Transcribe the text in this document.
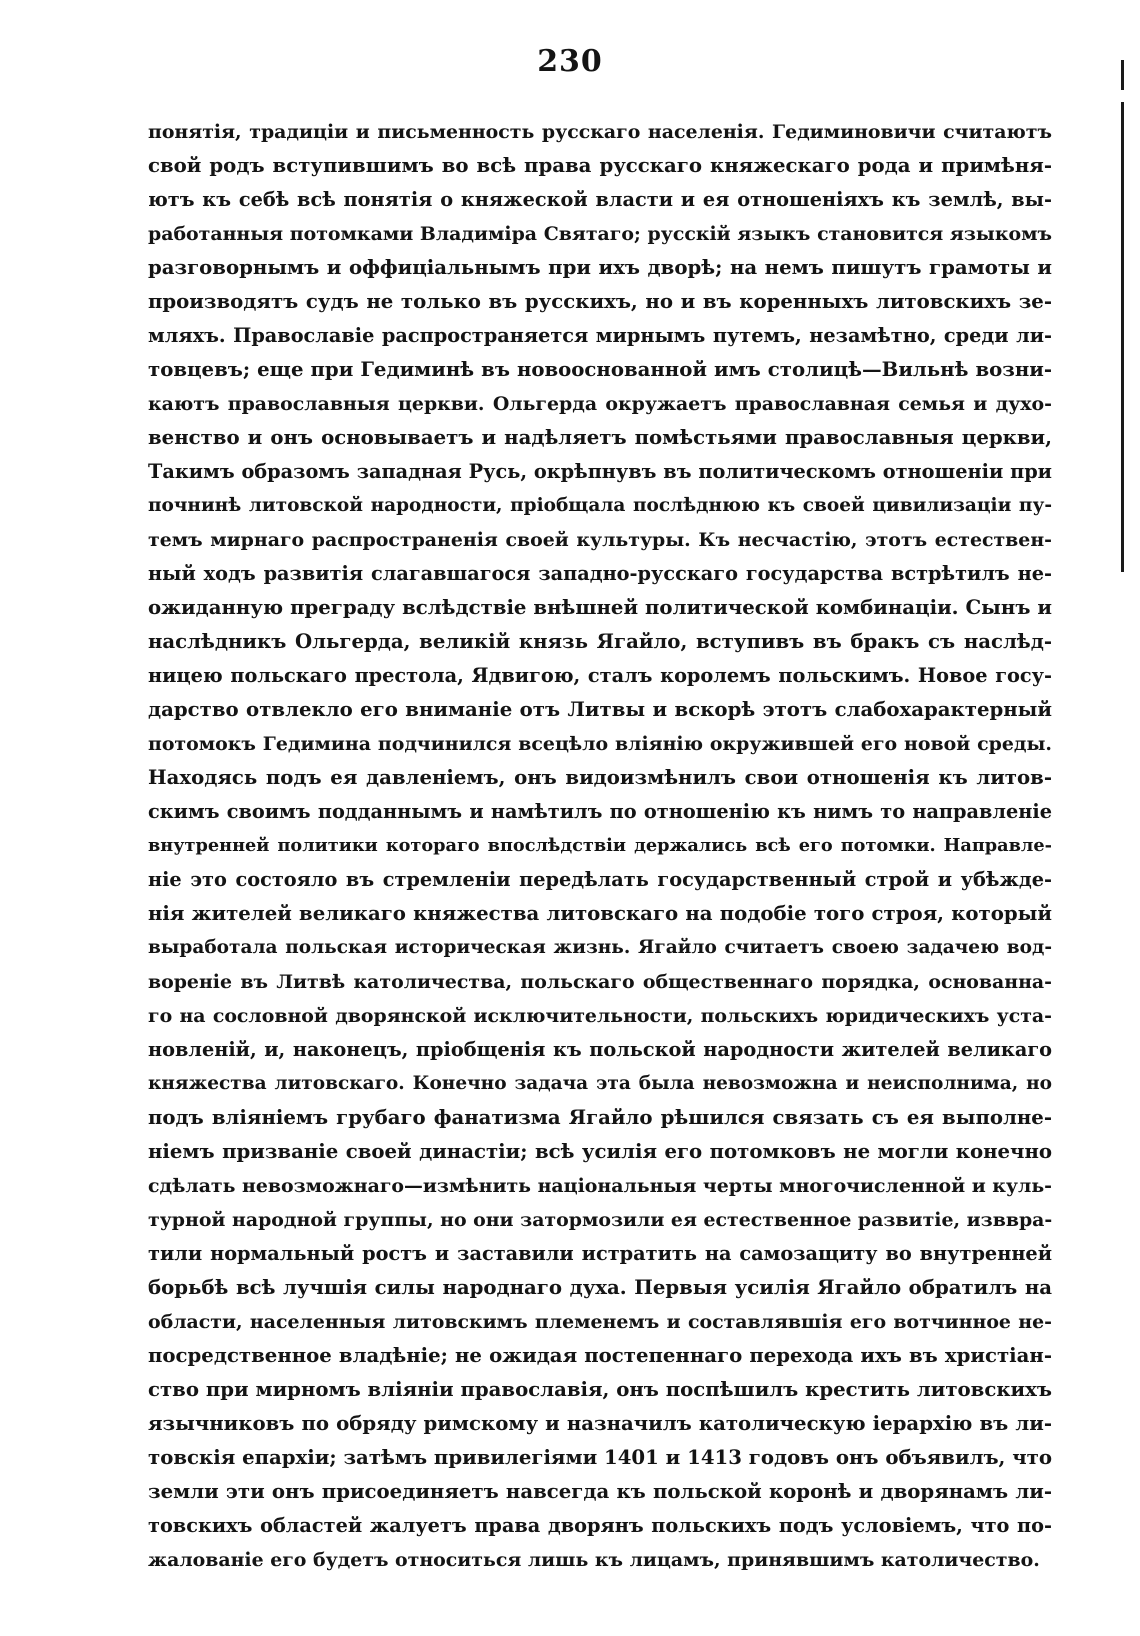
230
понятія, традиціи и письменность русскаго населенія. Гедиминовичи считаютъ
свой родъ вступившимъ во всѣ права русскаго княжескаго рода и примѣня-
ютъ къ себѣ всѣ понятія о княжеской власти и ея отношеніяхъ къ землѣ, вы-
работанныя потомками Владиміра Святаго; русскій языкъ становится языкомъ
разговорнымъ и оффиціальнымъ при ихъ дворѣ; на немъ пишутъ грамоты и
производятъ судъ не только въ русскихъ, но и въ коренныхъ литовскихъ зе-
мляхъ. Православіе распространяется мирнымъ путемъ, незамѣтно, среди ли-
товцевъ; еще при Гедиминѣ въ новооснованной имъ столицѣ—Вильнѣ возни-
каютъ православныя церкви. Ольгерда окружаетъ православная семья и духо-
венство и онъ основываетъ и надѣляетъ помѣстьями православныя церкви,
Такимъ образомъ западная Русь, окрѣпнувъ въ политическомъ отношеніи при
почнинѣ литовской народности, пріобщала послѣднюю къ своей цивилизаціи пу-
темъ мирнаго распространенія своей культуры. Къ несчастію, этотъ естествен-
ный ходъ развитія слагавшагося западно-русскаго государства встрѣтилъ не-
ожиданную преграду вслѣдствіе внѣшней политической комбинаціи. Сынъ и
наслѣдникъ Ольгерда, великій князь Ягайло, вступивъ въ бракъ съ наслѣд-
ницею польскаго престола, Ядвигою, сталъ королемъ польскимъ. Новое госу-
дарство отвлекло его вниманіе отъ Литвы и вскорѣ этотъ слабохарактерный
потомокъ Гедимина подчинился всецѣло вліянію окружившей его новой среды.
Находясь подъ ея давленіемъ, онъ видоизмѣнилъ свои отношенія къ литов-
скимъ своимъ подданнымъ и намѣтилъ по отношенію къ нимъ то направленіе
внутренней политики котораго впослѣдствіи держались всѣ его потомки. Направле-
ніе это состояло въ стремленіи передѣлать государственный строй и убѣжде-
нія жителей великаго княжества литовскаго на подобіе того строя, который
выработала польская историческая жизнь. Ягайло считаетъ своею задачею вод-
вореніе въ Литвѣ католичества, польскаго общественнаго порядка, основанна-
го на сословной дворянской исключительности, польскихъ юридическихъ уста-
новленій, и, наконецъ, пріобщенія къ польской народности жителей великаго
княжества литовскаго. Конечно задача эта была невозможна и неисполнима, но
подъ вліяніемъ грубаго фанатизма Ягайло рѣшился связать съ ея выполне-
ніемъ призваніе своей династіи; всѣ усилія его потомковъ не могли конечно
сдѣлать невозможнаго—измѣнить національныя черты многочисленной и куль-
турной народной группы, но они затормозили ея естественное развитіе, изввра-
тили нормальный ростъ и заставили истратить на самозащиту во внутренней
борьбѣ всѣ лучшія силы народнаго духа. Первыя усилія Ягайло обратилъ на
области, населенныя литовскимъ племенемъ и составлявшія его вотчинное не-
посредственное владѣніе; не ожидая постепеннаго перехода ихъ въ христіан-
ство при мирномъ вліяніи православія, онъ поспѣшилъ крестить литовскихъ
язычниковъ по обряду римскому и назначилъ католическую іерархію въ ли-
товскія епархіи; затѣмъ привилегіями 1401 и 1413 годовъ онъ объявилъ, что
земли эти онъ присоединяетъ навсегда къ польской коронѣ и дворянамъ ли-
товскихъ областей жалуетъ права дворянъ польскихъ подъ условіемъ, что по-
жалованіе его будетъ относиться лишь къ лицамъ, принявшимъ католичество.
